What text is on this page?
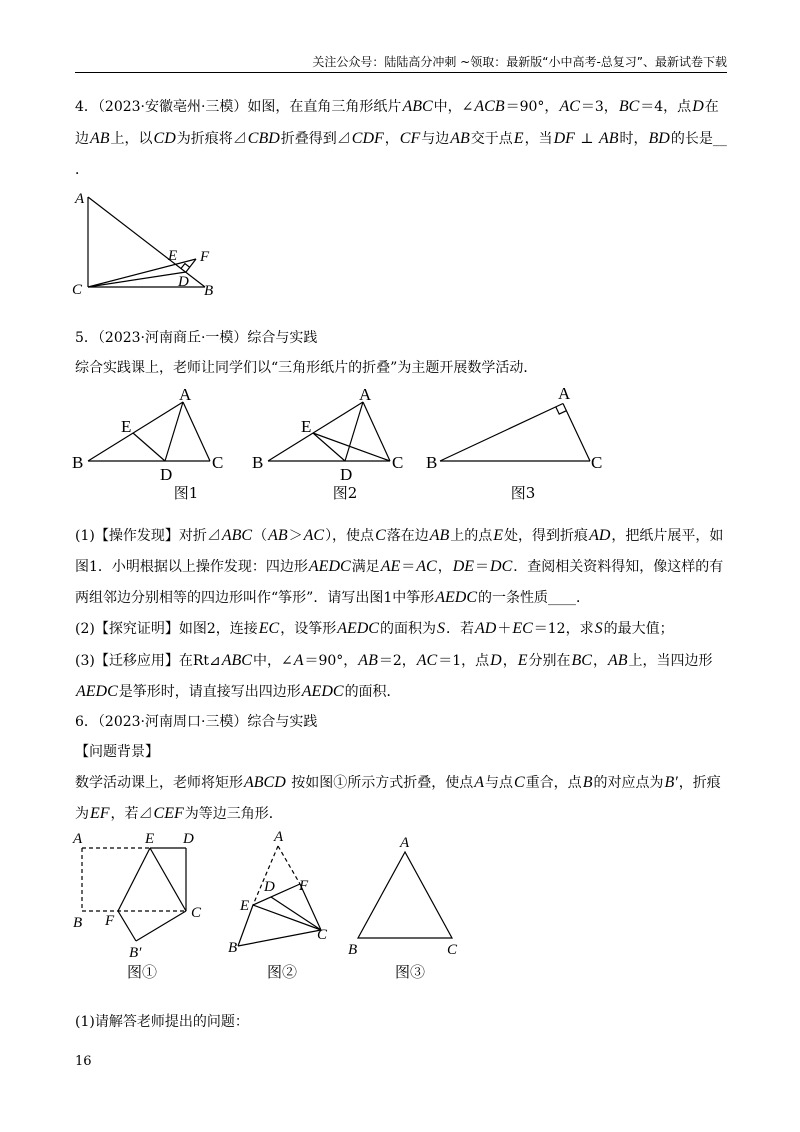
关注公众号：陆陆高分冲刺 ~领取：最新版“小中高考-总复习”、最新试卷下载
4．（2023·安徽亳州·三模）如图，在直角三角形纸片ABC中，∠ACB＝90°，AC＝3，BC＝4，点D在
边AB上，以CD为折痕将⊿CBD折叠得到⊿CDF，CF与边AB交于点E，当DF ⊥ AB时，BD的长是__
．
5．（2023·河南商丘·一模）综合与实践
综合实践课上，老师让同学们以“三角形纸片的折叠”为主题开展数学活动．
(1)【操作发现】对折⊿ABC（AB＞AC），使点C落在边AB上的点E处，得到折痕AD，把纸片展平，如
图1．小明根据以上操作发现：四边形AEDC满足AE＝AC，DE＝DC．查阅相关资料得知，像这样的有
两组邻边分别相等的四边形叫作“筝形”．请写出图1中筝形AEDC的一条性质____．
(2)【探究证明】如图2，连接EC，设筝形AEDC的面积为S．若AD＋EC＝12，求S的最大值；
(3)【迁移应用】在Rt⊿ABC中，∠A＝90°，AB＝2，AC＝1，点D，E分别在BC，AB上，当四边形
AEDC是筝形时，请直接写出四边形AEDC的面积．
6．（2023·河南周口·三模）综合与实践
【问题背景】
数学活动课上，老师将矩形ABCD 按如图①所示方式折叠，使点A与点C重合，点B的对应点为B′，折痕
为EF，若⊿CEF为等边三角形．
(1)请解答老师提出的问题：
16
A
E F
C	D
B
A
E
B
D
C
图1
A
E
B
D
C
图2
A
B	C
图3
A	E D
B F	C
B′
图①
A
D F
E
C
B
图②
A
B	C
图③
